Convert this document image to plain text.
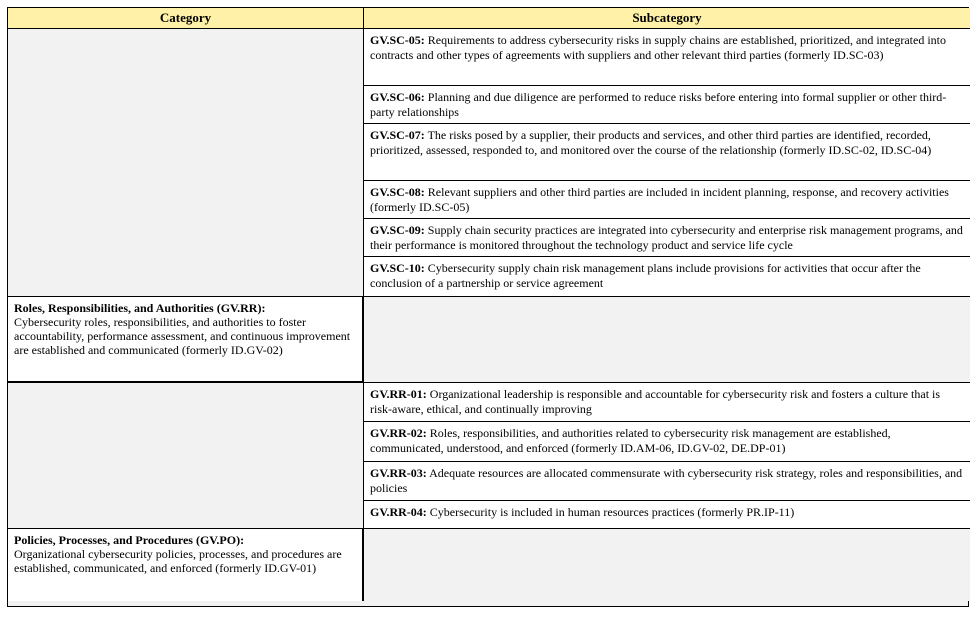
Category	Subcategory
GV.SC-05: Requirements to address cybersecurity risks in supply chains are established, prioritized, and integrated into contracts and other types of agreements with suppliers and other relevant third parties (formerly ID.SC-03)
GV.SC-06: Planning and due diligence are performed to reduce risks before entering into formal supplier or other third-party relationships
GV.SC-07: The risks posed by a supplier, their products and services, and other third parties are identified, recorded, prioritized, assessed, responded to, and monitored over the course of the relationship (formerly ID.SC-02, ID.SC-04)
GV.SC-08: Relevant suppliers and other third parties are included in incident planning, response, and recovery activities (formerly ID.SC-05)
GV.SC-09: Supply chain security practices are integrated into cybersecurity and enterprise risk management programs, and their performance is monitored throughout the technology product and service life cycle
GV.SC-10: Cybersecurity supply chain risk management plans include provisions for activities that occur after the conclusion of a partnership or service agreement
Roles, Responsibilities, and Authorities (GV.RR):
Cybersecurity roles, responsibilities, and authorities to foster accountability, performance assessment, and continuous improvement are established and communicated (formerly ID.GV-02)
GV.RR-01: Organizational leadership is responsible and accountable for cybersecurity risk and fosters a culture that is risk-aware, ethical, and continually improving
GV.RR-02: Roles, responsibilities, and authorities related to cybersecurity risk management are established, communicated, understood, and enforced (formerly ID.AM-06, ID.GV-02, DE.DP-01)
GV.RR-03: Adequate resources are allocated commensurate with cybersecurity risk strategy, roles and responsibilities, and policies
GV.RR-04: Cybersecurity is included in human resources practices (formerly PR.IP-11)
Policies, Processes, and Procedures (GV.PO):
Organizational cybersecurity policies, processes, and procedures are established, communicated, and enforced (formerly ID.GV-01)
